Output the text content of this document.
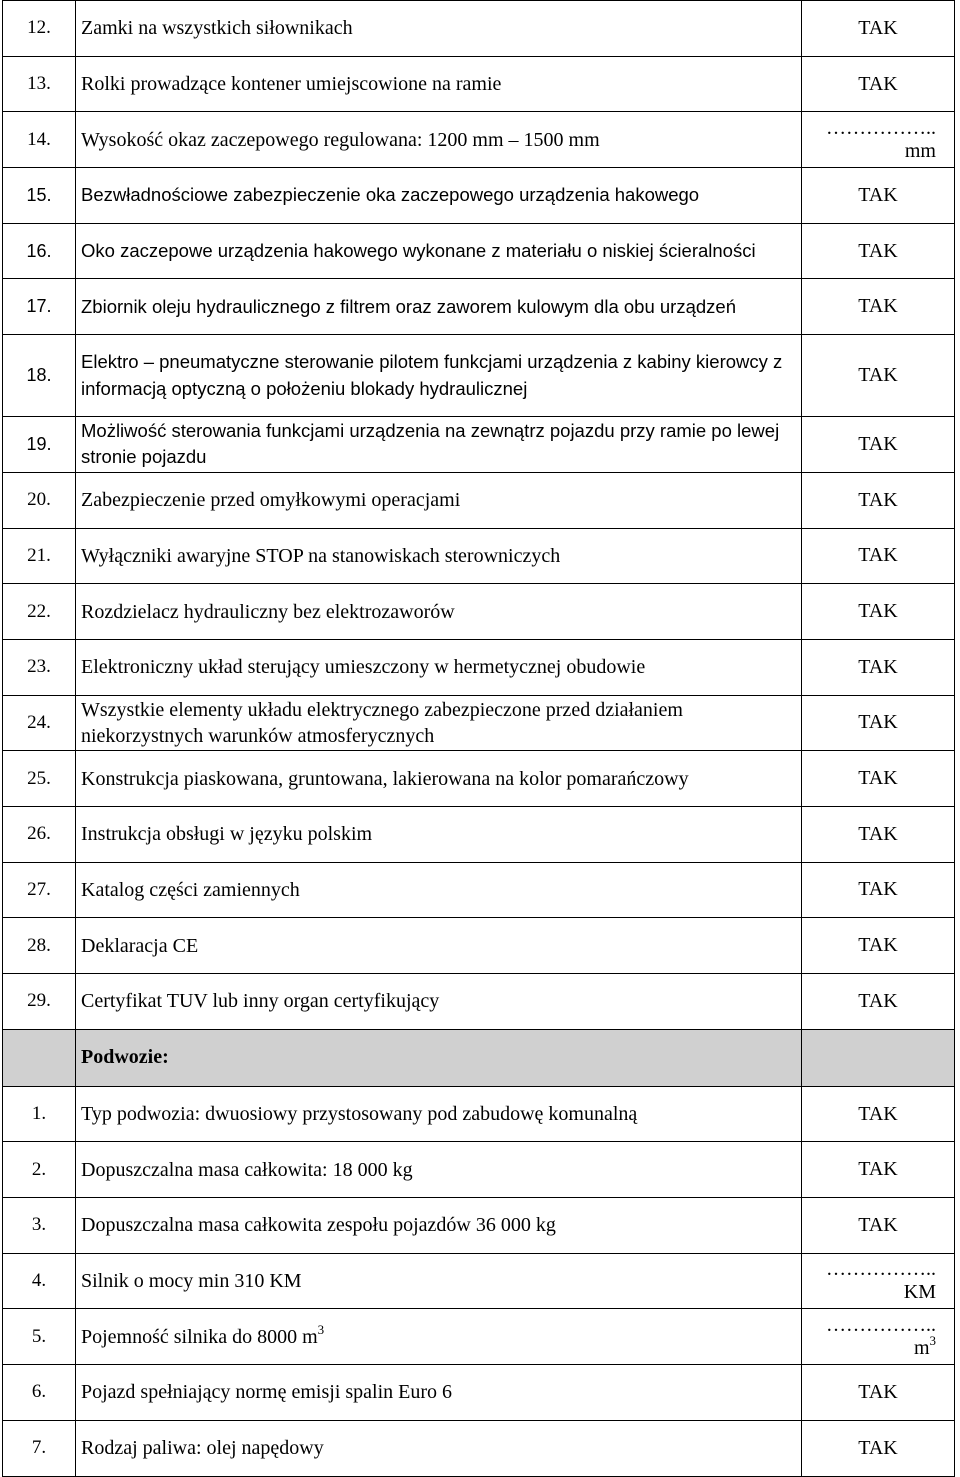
12.	Zamki na wszystkich siłownikach	TAK
13.	Rolki prowadzące kontener umiejscowione na ramie	TAK
14.	Wysokość okaz zaczepowego regulowana: 1200 mm – 1500 mm	…………….. mm
15.	Bezwładnościowe zabezpieczenie oka zaczepowego urządzenia hakowego	TAK
16.	Oko zaczepowe urządzenia hakowego wykonane z materiału o niskiej ścieralności	TAK
17.	Zbiornik oleju hydraulicznego z filtrem oraz zaworem kulowym dla obu urządzeń	TAK
18.	Elektro – pneumatyczne sterowanie pilotem funkcjami urządzenia z kabiny kierowcy z informacją optyczną o położeniu blokady hydraulicznej	TAK
19.	Możliwość sterowania funkcjami urządzenia na zewnątrz pojazdu przy ramie po lewej stronie pojazdu	TAK
20.	Zabezpieczenie przed omyłkowymi operacjami	TAK
21.	Wyłączniki awaryjne STOP na stanowiskach sterowniczych	TAK
22.	Rozdzielacz hydrauliczny bez elektrozaworów	TAK
23.	Elektroniczny układ sterujący umieszczony w hermetycznej obudowie	TAK
24.	Wszystkie elementy układu elektrycznego zabezpieczone przed działaniem niekorzystnych warunków atmosferycznych	TAK
25.	Konstrukcja piaskowana, gruntowana, lakierowana na kolor pomarańczowy	TAK
26.	Instrukcja obsługi w języku polskim	TAK
27.	Katalog części zamiennych	TAK
28.	Deklaracja CE	TAK
29.	Certyfikat TUV lub inny organ certyfikujący	TAK
	Podwozie:	
1.	Typ podwozia: dwuosiowy przystosowany pod zabudowę komunalną	TAK
2.	Dopuszczalna masa całkowita: 18 000 kg	TAK
3.	Dopuszczalna masa całkowita zespołu pojazdów 36 000 kg	TAK
4.	Silnik o mocy min 310 KM	…………….. KM
5.	Pojemność silnika do 8000 $m^3$	…………….. $m^3$
6.	Pojazd spełniający normę emisji spalin Euro 6	TAK
7.	Rodzaj paliwa: olej napędowy	TAK
